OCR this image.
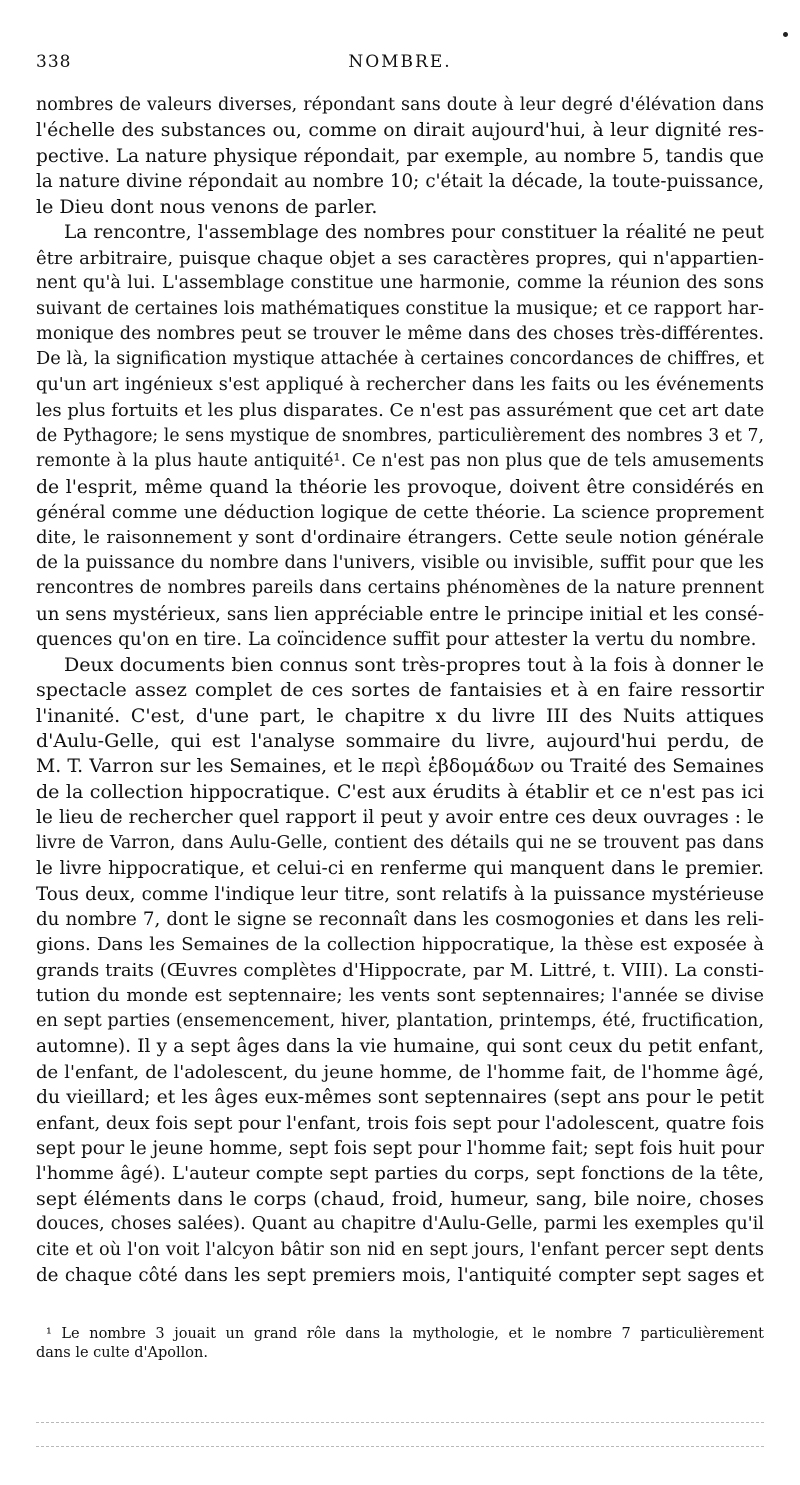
338	NOMBRE.
nombres de valeurs diverses, répondant sans doute à leur degré d'élévation dans
l'échelle des substances ou, comme on dirait aujourd'hui, à leur dignité res-
pective. La nature physique répondait, par exemple, au nombre 5, tandis que
la nature divine répondait au nombre 10; c'était la décade, la toute-puissance,
le Dieu dont nous venons de parler.
La rencontre, l'assemblage des nombres pour constituer la réalité ne peut
être arbitraire, puisque chaque objet a ses caractères propres, qui n'appartien-
nent qu'à lui. L'assemblage constitue une harmonie, comme la réunion des sons
suivant de certaines lois mathématiques constitue la musique; et ce rapport har-
monique des nombres peut se trouver le même dans des choses très-différentes.
De là, la signification mystique attachée à certaines concordances de chiffres, et
qu'un art ingénieux s'est appliqué à rechercher dans les faits ou les événements
les plus fortuits et les plus disparates. Ce n'est pas assurément que cet art date
de Pythagore; le sens mystique de snombres, particulièrement des nombres 3 et 7,
remonte à la plus haute antiquité¹. Ce n'est pas non plus que de tels amusements
de l'esprit, même quand la théorie les provoque, doivent être considérés en
général comme une déduction logique de cette théorie. La science proprement
dite, le raisonnement y sont d'ordinaire étrangers. Cette seule notion générale
de la puissance du nombre dans l'univers, visible ou invisible, suffit pour que les
rencontres de nombres pareils dans certains phénomènes de la nature prennent
un sens mystérieux, sans lien appréciable entre le principe initial et les consé-
quences qu'on en tire. La coïncidence suffit pour attester la vertu du nombre.
Deux documents bien connus sont très-propres tout à la fois à donner le
spectacle assez complet de ces sortes de fantaisies et à en faire ressortir
l'inanité. C'est, d'une part, le chapitre x du livre III des Nuits attiques
d'Aulu-Gelle, qui est l'analyse sommaire du livre, aujourd'hui perdu, de
M. T. Varron sur les Semaines, et le περὶ ἑβδομάδων ou Traité des Semaines
de la collection hippocratique. C'est aux érudits à établir et ce n'est pas ici
le lieu de rechercher quel rapport il peut y avoir entre ces deux ouvrages : le
livre de Varron, dans Aulu-Gelle, contient des détails qui ne se trouvent pas dans
le livre hippocratique, et celui-ci en renferme qui manquent dans le premier.
Tous deux, comme l'indique leur titre, sont relatifs à la puissance mystérieuse
du nombre 7, dont le signe se reconnaît dans les cosmogonies et dans les reli-
gions. Dans les Semaines de la collection hippocratique, la thèse est exposée à
grands traits (Œuvres complètes d'Hippocrate, par M. Littré, t. VIII). La consti-
tution du monde est septennaire; les vents sont septennaires; l'année se divise
en sept parties (ensemencement, hiver, plantation, printemps, été, fructification,
automne). Il y a sept âges dans la vie humaine, qui sont ceux du petit enfant,
de l'enfant, de l'adolescent, du jeune homme, de l'homme fait, de l'homme âgé,
du vieillard; et les âges eux-mêmes sont septennaires (sept ans pour le petit
enfant, deux fois sept pour l'enfant, trois fois sept pour l'adolescent, quatre fois
sept pour le jeune homme, sept fois sept pour l'homme fait; sept fois huit pour
l'homme âgé). L'auteur compte sept parties du corps, sept fonctions de la tête,
sept éléments dans le corps (chaud, froid, humeur, sang, bile noire, choses
douces, choses salées). Quant au chapitre d'Aulu-Gelle, parmi les exemples qu'il
cite et où l'on voit l'alcyon bâtir son nid en sept jours, l'enfant percer sept dents
de chaque côté dans les sept premiers mois, l'antiquité compter sept sages et
¹ Le nombre 3 jouait un grand rôle dans la mythologie, et le nombre 7 particulièrement
dans le culte d'Apollon.
